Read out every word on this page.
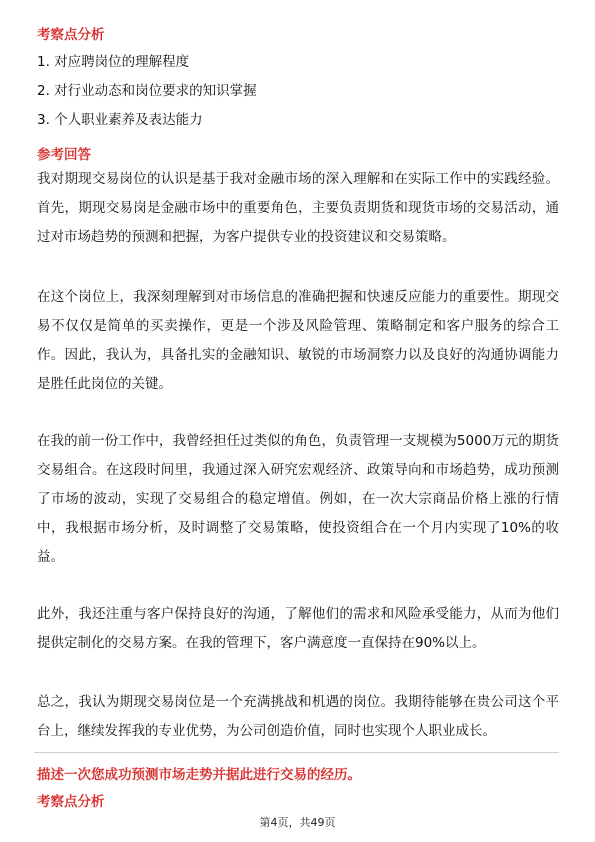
考察点分析
1. 对应聘岗位的理解程度
2. 对行业动态和岗位要求的知识掌握
3. 个人职业素养及表达能力
参考回答
我对期现交易岗位的认识是基于我对金融市场的深入理解和在实际工作中的实践经验。首先，期现交易岗是金融市场中的重要角色，主要负责期货和现货市场的交易活动，通过对市场趋势的预测和把握，为客户提供专业的投资建议和交易策略。
在这个岗位上，我深刻理解到对市场信息的准确把握和快速反应能力的重要性。期现交易不仅仅是简单的买卖操作，更是一个涉及风险管理、策略制定和客户服务的综合工作。因此，我认为，具备扎实的金融知识、敏锐的市场洞察力以及良好的沟通协调能力是胜任此岗位的关键。
在我的前一份工作中，我曾经担任过类似的角色，负责管理一支规模为5000万元的期货交易组合。在这段时间里，我通过深入研究宏观经济、政策导向和市场趋势，成功预测了市场的波动，实现了交易组合的稳定增值。例如，在一次大宗商品价格上涨的行情中，我根据市场分析，及时调整了交易策略，使投资组合在一个月内实现了10%的收益。
此外，我还注重与客户保持良好的沟通，了解他们的需求和风险承受能力，从而为他们提供定制化的交易方案。在我的管理下，客户满意度一直保持在90%以上。
总之，我认为期现交易岗位是一个充满挑战和机遇的岗位。我期待能够在贵公司这个平台上，继续发挥我的专业优势，为公司创造价值，同时也实现个人职业成长。
描述一次您成功预测市场走势并据此进行交易的经历。
考察点分析
第4页，共49页
